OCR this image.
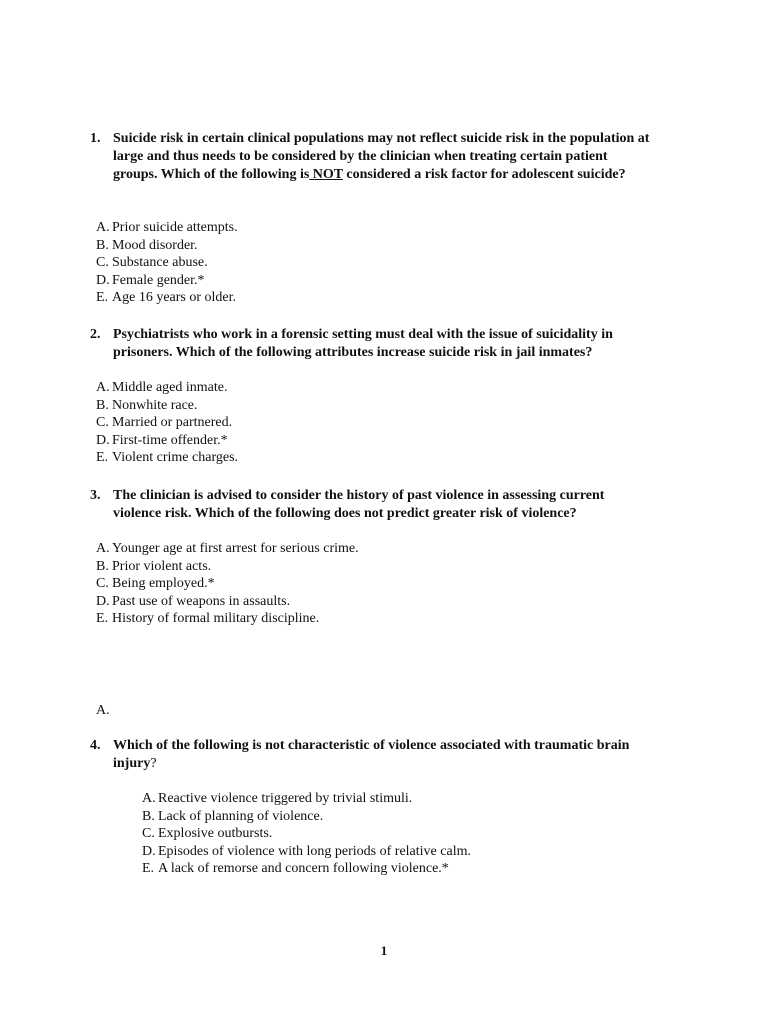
1. Suicide risk in certain clinical populations may not reflect suicide risk in the population at large and thus needs to be considered by the clinician when treating certain patient groups. Which of the following is NOT considered a risk factor for adolescent suicide?
A. Prior suicide attempts.
B. Mood disorder.
C. Substance abuse.
D. Female gender.*
E. Age 16 years or older.
2. Psychiatrists who work in a forensic setting must deal with the issue of suicidality in prisoners. Which of the following attributes increase suicide risk in jail inmates?
A. Middle aged inmate.
B. Nonwhite race.
C. Married or partnered.
D. First-time offender.*
E. Violent crime charges.
3. The clinician is advised to consider the history of past violence in assessing current violence risk. Which of the following does not predict greater risk of violence?
A. Younger age at first arrest for serious crime.
B. Prior violent acts.
C. Being employed.*
D. Past use of weapons in assaults.
E. History of formal military discipline.
A.
4. Which of the following is not characteristic of violence associated with traumatic brain injury?
A. Reactive violence triggered by trivial stimuli.
B. Lack of planning of violence.
C. Explosive outbursts.
D. Episodes of violence with long periods of relative calm.
E. A lack of remorse and concern following violence.*
1
